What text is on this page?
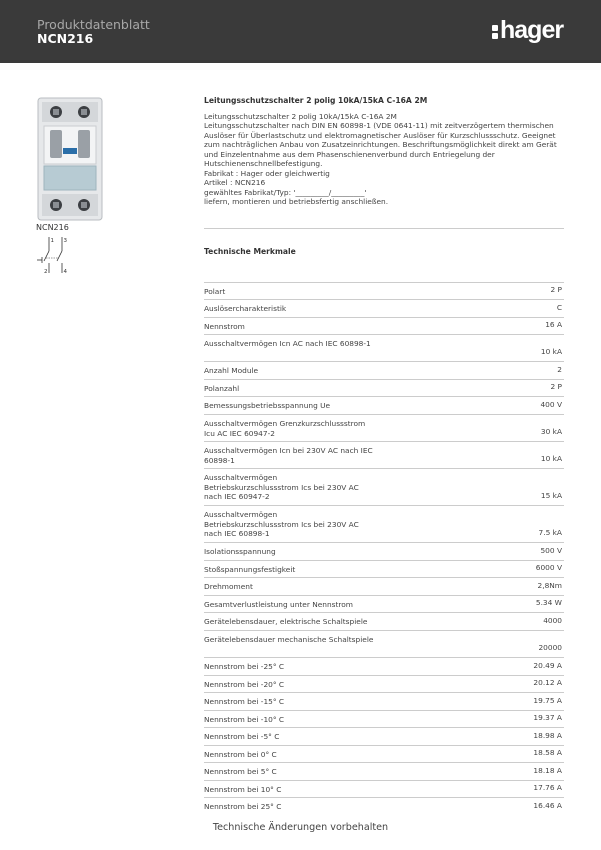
Produktdatenblatt
NCN216	hager
NCN216
1 3
2	4
Leitungsschutzschalter 2 polig 10kA/15kA C-16A 2M
Leitungsschutzschalter 2 polig 10kA/15kA C-16A 2M
Leitungsschutzschalter nach DIN EN 60898-1 (VDE 0641-11) mit zeitverzögertem thermischen
Auslöser für Überlastschutz und elektromagnetischer Auslöser für Kurzschlussschutz. Geeignet
zum nachträglichen Anbau von Zusatzeinrichtungen. Beschriftungsmöglichkeit direkt am Gerät
und Einzelentnahme aus dem Phasenschienenverbund durch Entriegelung der
Hutschienenschnellbefestigung.
Fabrikat : Hager oder gleichwertig
Artikel : NCN216
gewähltes Fabrikat/Typ: '_________/_________'
liefern, montieren und betriebsfertig anschließen.
Technische Merkmale
Polart	2 P
Auslösercharakteristik	C
Nennstrom	16 A
Ausschaltvermögen Icn AC nach IEC 60898-1
10 kA
Anzahl Module	2
Polanzahl	2 P
Bemessungsbetriebsspannung Ue	400 V
Ausschaltvermögen Grenzkurzschlussstrom Icu AC IEC 60947-2	30 kA
Ausschaltvermögen Icn bei 230V AC nach IEC 60898-1	10 kA
Ausschaltvermögen Betriebskurzschlussstrom Ics bei 230V AC nach IEC 60947-2	15 kA
Ausschaltvermögen Betriebskurzschlussstrom Ics bei 230V AC nach IEC 60898-1	7.5 kA
Isolationsspannung	500 V
Stoßspannungsfestigkeit	6000 V
Drehmoment	2,8Nm
Gesamtverlustleistung unter Nennstrom	5.34 W
Gerätelebensdauer, elektrische Schaltspiele	4000
Gerätelebensdauer mechanische Schaltspiele
20000
Nennstrom bei -25° C	20.49 A
Nennstrom bei -20° C	20.12 A
Nennstrom bei -15° C	19.75 A
Nennstrom bei -10° C	19.37 A
Nennstrom bei -5° C	18.98 A
Nennstrom bei 0° C	18.58 A
Nennstrom bei 5° C	18.18 A
Nennstrom bei 10° C	17.76 A
Nennstrom bei 25° C	16.46 A
Technische Änderungen vorbehalten
